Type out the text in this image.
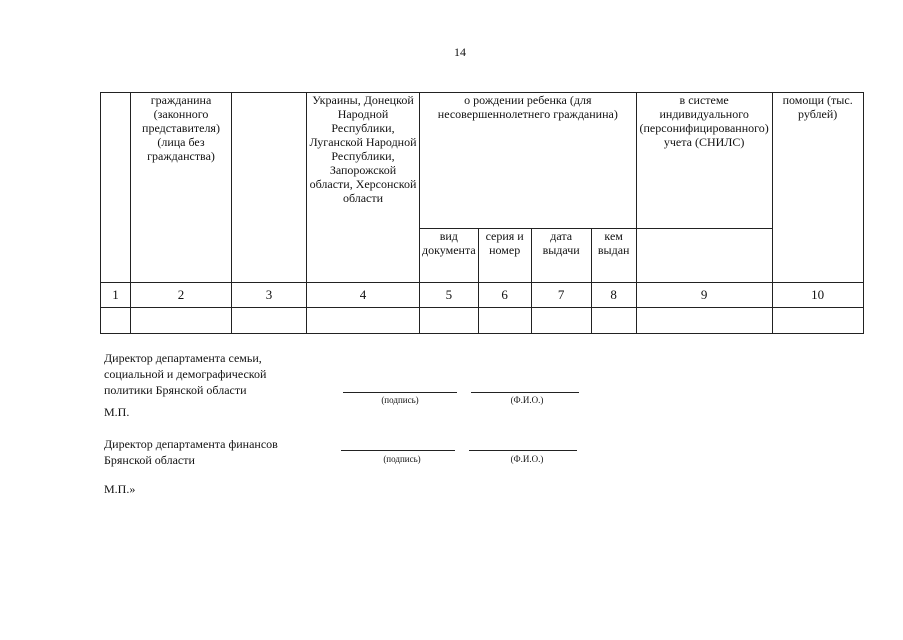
14
	гражданина (законного представителя) (лица без гражданства)		Украины, Донецкой Народной Республики, Луганской Народной Республики, Запорожской области, Херсонской области	о рождении ребенка (для несовершеннолетнего гражданина)				в системе индивидуального (персонифицированного) учета (СНИЛС)	помощи (тыс. рублей)
				вид документа	серия и номер	дата выдачи	кем выдан		
1	2	3	4	5	6	7	8	9	10

Директор департамента семьи,
социальной и демографической
политики Брянской области
(подпись)	(Ф.И.О.)
М.П.
Директор департамента финансов
Брянской области	(подпись)	(Ф.И.О.)
М.П.»
